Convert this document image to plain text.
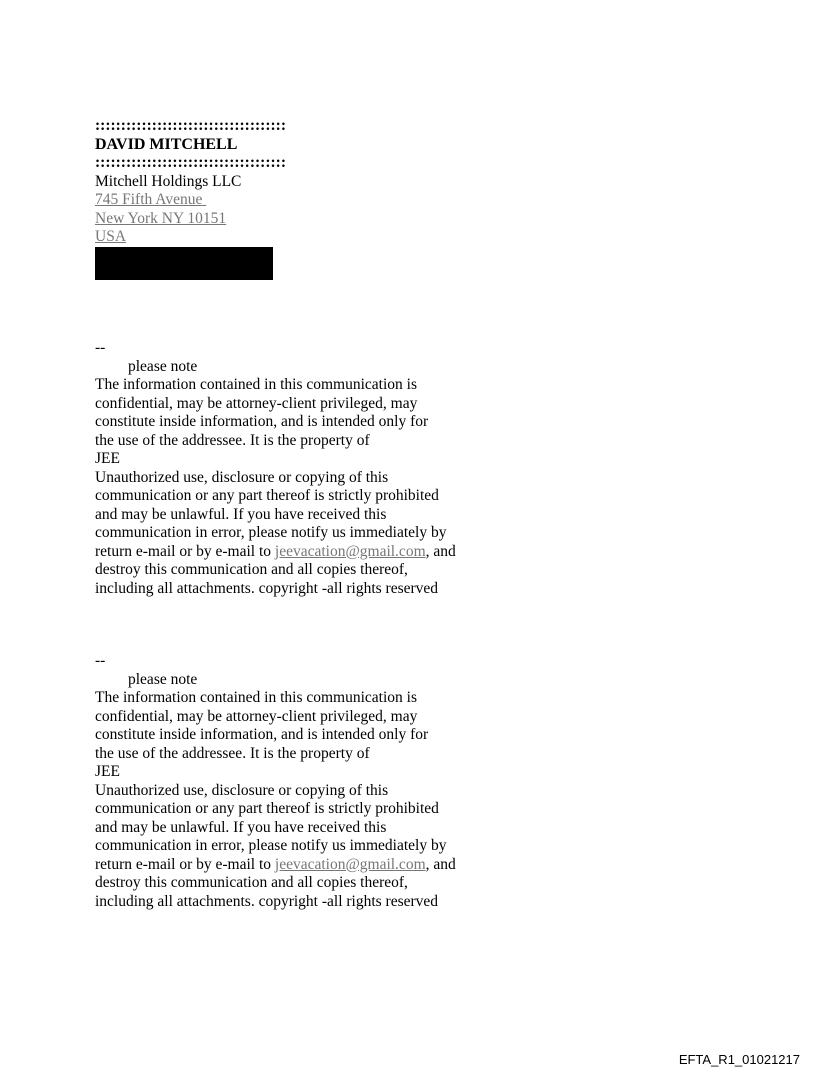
:::::::::::::::::::::::::::::::::::::
DAVID MITCHELL
:::::::::::::::::::::::::::::::::::::
Mitchell Holdings LLC
745 Fifth Avenue
New York NY 10151
USA
--
please note
The information contained in this communication is
confidential, may be attorney-client privileged, may
constitute inside information, and is intended only for
the use of the addressee. It is the property of
JEE
Unauthorized use, disclosure or copying of this
communication or any part thereof is strictly prohibited
and may be unlawful. If you have received this
communication in error, please notify us immediately by
return e-mail or by e-mail to jeevacation@gmail.com, and
destroy this communication and all copies thereof,
including all attachments. copyright -all rights reserved
--
please note
The information contained in this communication is
confidential, may be attorney-client privileged, may
constitute inside information, and is intended only for
the use of the addressee. It is the property of
JEE
Unauthorized use, disclosure or copying of this
communication or any part thereof is strictly prohibited
and may be unlawful. If you have received this
communication in error, please notify us immediately by
return e-mail or by e-mail to jeevacation@gmail.com, and
destroy this communication and all copies thereof,
including all attachments. copyright -all rights reserved
EFTA_R1_01021217
